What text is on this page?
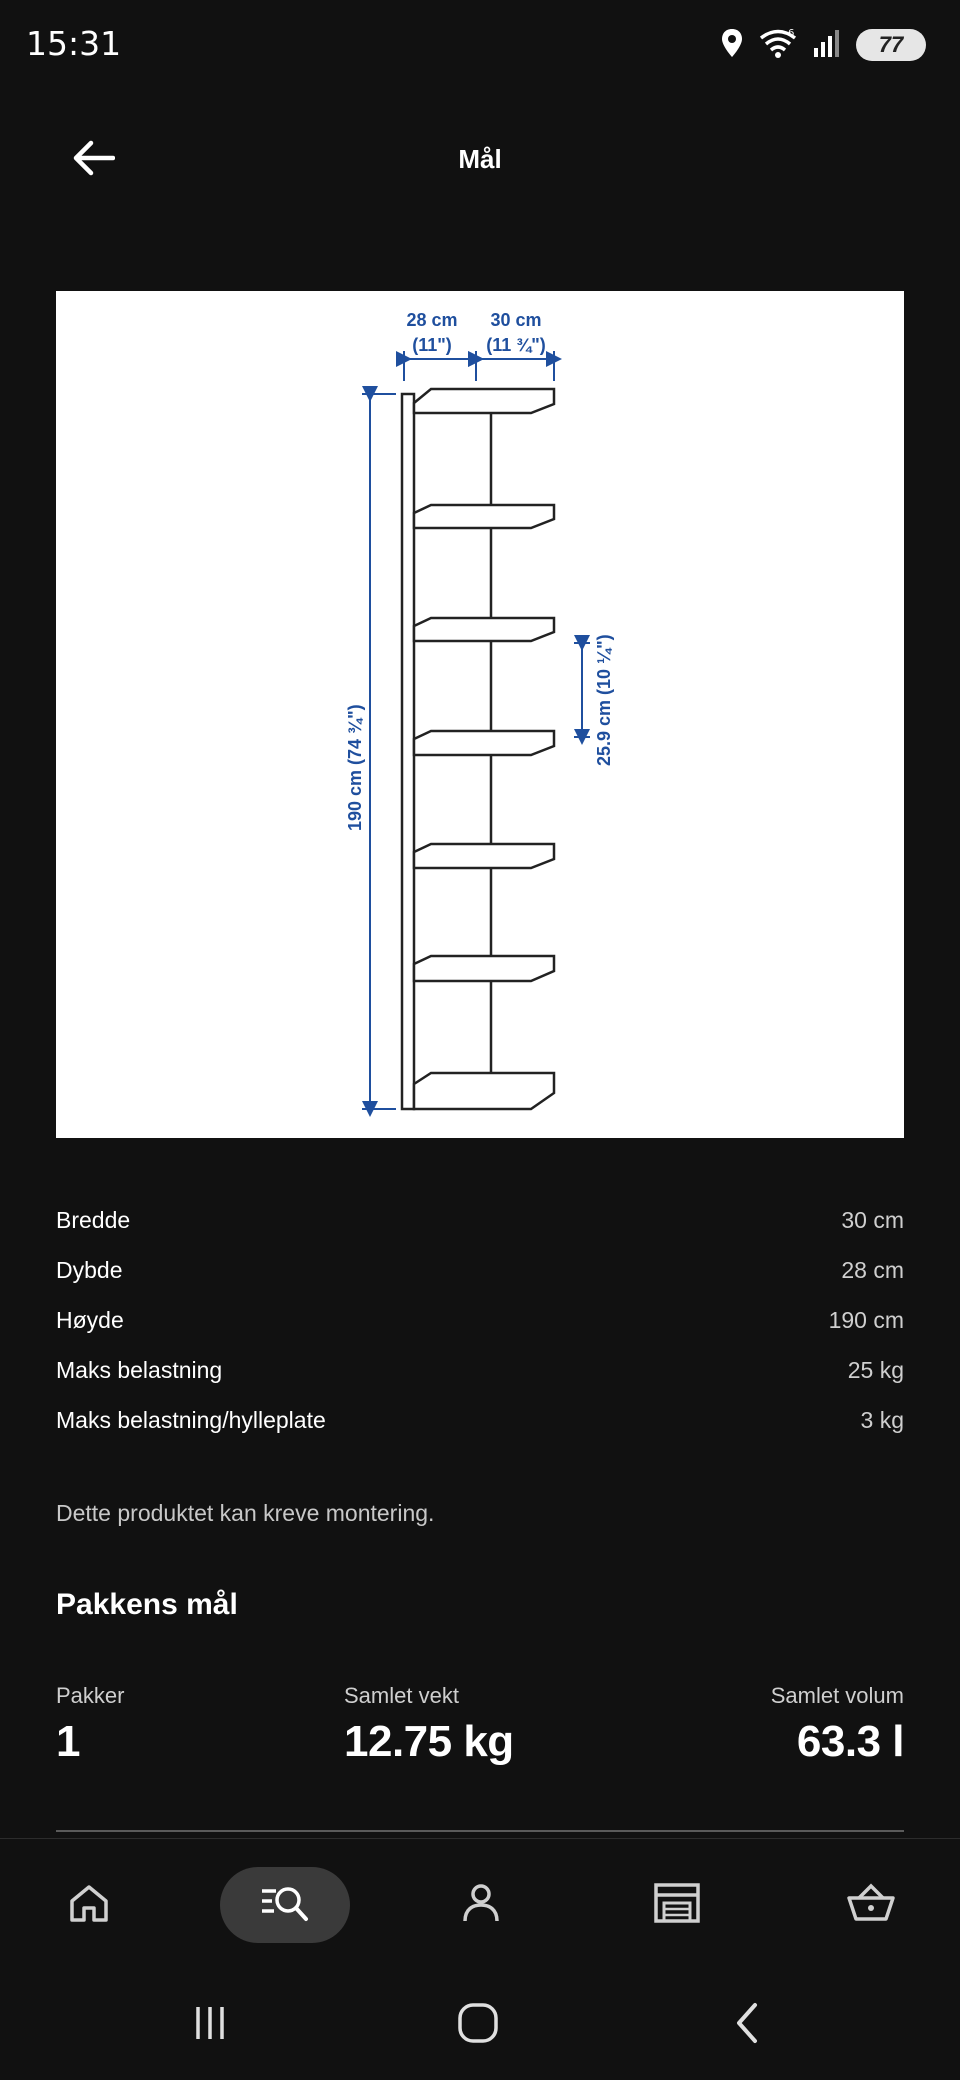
15:31	6	77
Mål
190 cm (74 ¾")
28 cm
(11")
30 cm
(11 ¾")
25.9 cm (10 ¼")
Bredde	30 cm
Dybde	28 cm
Høyde	190 cm
Maks belastning	25 kg
Maks belastning/hylleplate	3 kg
Dette produktet kan kreve montering.
Pakkens mål
Pakker
1
Samlet vekt
12.75 kg
Samlet volum
63.3 l
